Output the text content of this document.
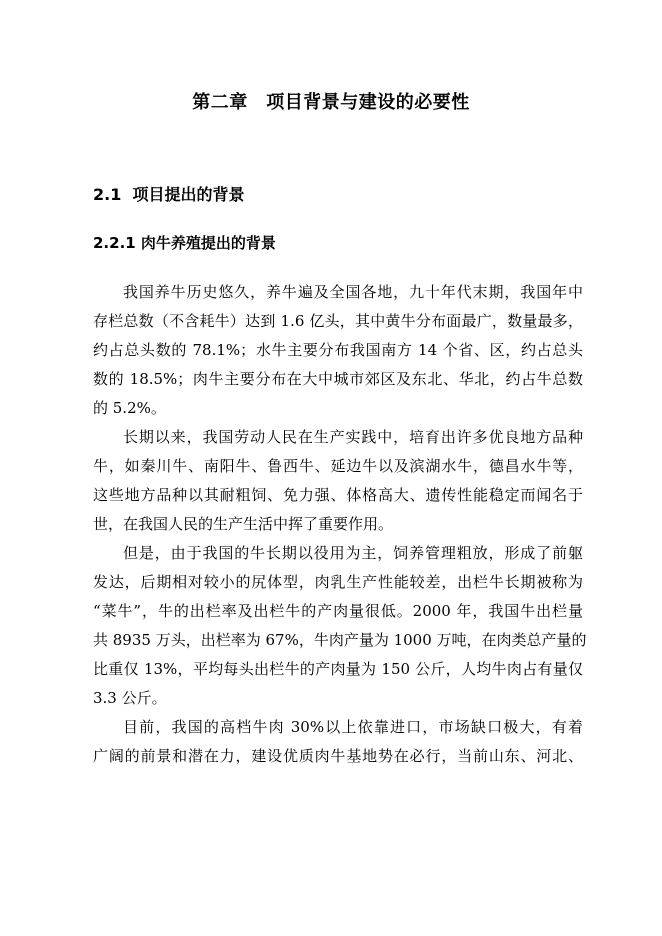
第二章　项目背景与建设的必要性
2.1  项目提出的背景
2.2.1 肉牛养殖提出的背景
我国养牛历史悠久，养牛遍及全国各地，九十年代末期，我国年中
存栏总数（不含耗牛）达到 1.6 亿头，其中黄牛分布面最广，数量最多，
约占总头数的 78.1%；水牛主要分布我国南方 14 个省、区，约占总头
数的 18.5%；肉牛主要分布在大中城市郊区及东北、华北，约占牛总数
的 5.2%。
长期以来，我国劳动人民在生产实践中，培育出许多优良地方品种
牛，如秦川牛、南阳牛、鲁西牛、延边牛以及滨湖水牛，德昌水牛等，
这些地方品种以其耐粗饲、免力强、体格高大、遗传性能稳定而闻名于
世，在我国人民的生产生活中挥了重要作用。
但是，由于我国的牛长期以役用为主，饲养管理粗放，形成了前躯
发达，后期相对较小的尻体型，肉乳生产性能较差，出栏牛长期被称为
“菜牛”，牛的出栏率及出栏牛的产肉量很低。2000 年，我国牛出栏量
共 8935 万头，出栏率为 67%，牛肉产量为 1000 万吨，在肉类总产量的
比重仅 13%，平均每头出栏牛的产肉量为 150 公斤，人均牛肉占有量仅
3.3 公斤。
目前，我国的高档牛肉 30%以上依靠进口，市场缺口极大，有着
广阔的前景和潜在力，建设优质肉牛基地势在必行，当前山东、河北、
